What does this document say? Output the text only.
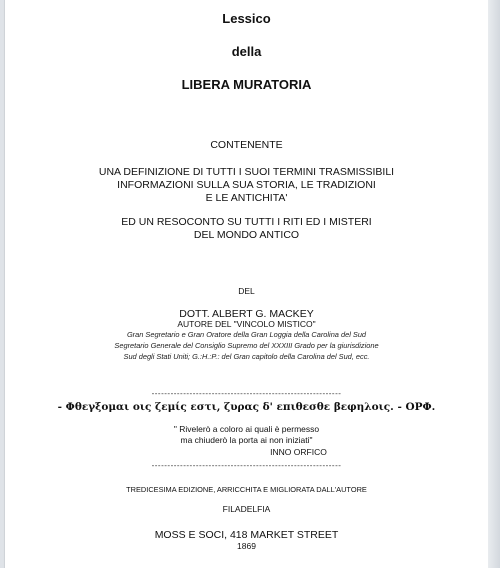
Lessico
della
LIBERA MURATORIA
CONTENENTE
UNA DEFINIZIONE DI TUTTI I SUOI TERMINI TRASMISSIBILI
INFORMAZIONI SULLA SUA STORIA, LE TRADIZIONI
E LE ANTICHITA'
ED UN RESOCONTO SU TUTTI I RITI ED I MISTERI
DEL MONDO ANTICO
DEL
DOTT. ALBERT G. MACKEY
AUTORE DEL "VINCOLO MISTICO"
Gran Segretario e Gran Oratore della Gran Loggia della Carolina del Sud
Segretario Generale del Consiglio Supremo del XXXIII Grado per la giurisdizione
Sud degli Stati Uniti; G.:H.:P.: del Gran capitolo della Carolina del Sud, ecc.
------------------------------------------------------------
- Φθεγξομαι οις ζεμίς εστι, ζυρας δ' επιθεσθε βεφηλοις. - ΟΡΦ.
" Rivelerò a coloro ai quali è permesso
ma chiuderò la porta ai non iniziati"
INNO ORFICO
------------------------------------------------------------
TREDICESIMA EDIZIONE, ARRICCHITA E MIGLIORATA DALL'AUTORE
FILADELFIA
MOSS E SOCI, 418 MARKET STREET
1869
